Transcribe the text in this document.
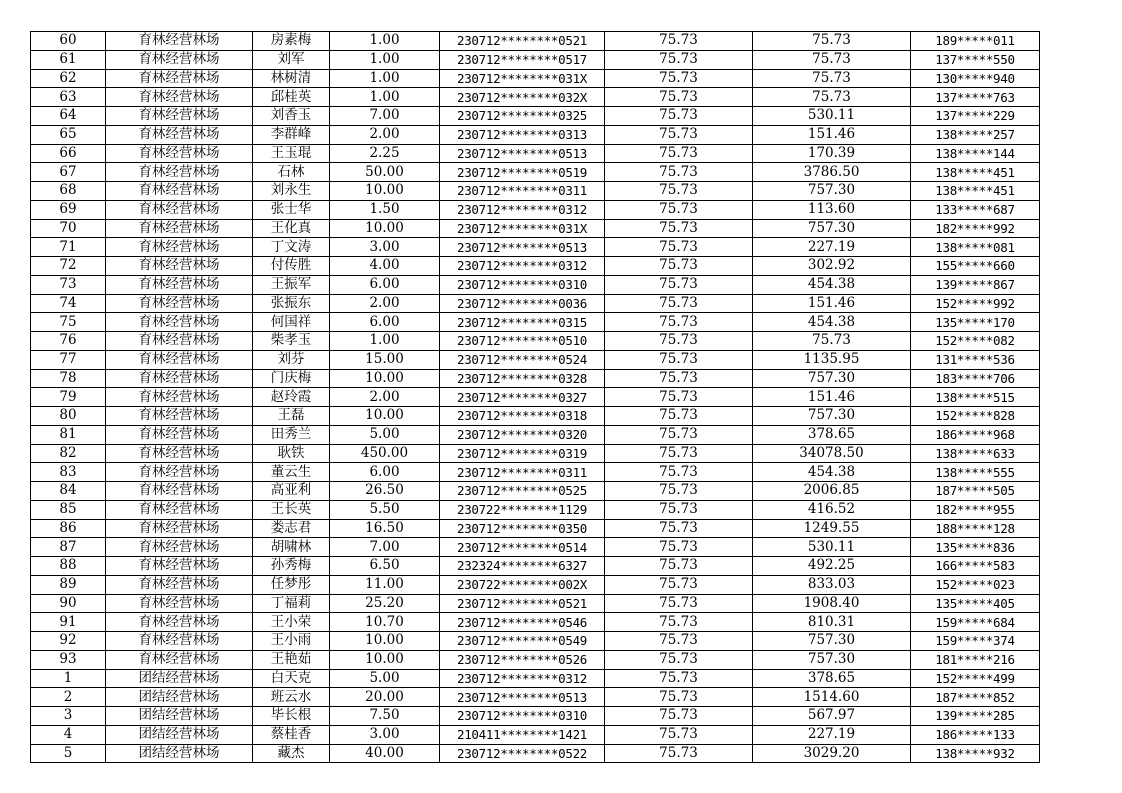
60	育林经营林场	房素梅	1.00	230712********0521	75.73	75.73	189*****011
61	育林经营林场	刘军	1.00	230712********0517	75.73	75.73	137*****550
62	育林经营林场	林树清	1.00	230712********031X	75.73	75.73	130*****940
63	育林经营林场	邱桂英	1.00	230712********032X	75.73	75.73	137*****763
64	育林经营林场	刘香玉	7.00	230712********0325	75.73	530.11	137*****229
65	育林经营林场	李群峰	2.00	230712********0313	75.73	151.46	138*****257
66	育林经营林场	王玉琨	2.25	230712********0513	75.73	170.39	138*****144
67	育林经营林场	石林	50.00	230712********0519	75.73	3786.50	138*****451
68	育林经营林场	刘永生	10.00	230712********0311	75.73	757.30	138*****451
69	育林经营林场	张士华	1.50	230712********0312	75.73	113.60	133*****687
70	育林经营林场	王化真	10.00	230712********031X	75.73	757.30	182*****992
71	育林经营林场	丁文涛	3.00	230712********0513	75.73	227.19	138*****081
72	育林经营林场	付传胜	4.00	230712********0312	75.73	302.92	155*****660
73	育林经营林场	王振军	6.00	230712********0310	75.73	454.38	139*****867
74	育林经营林场	张振东	2.00	230712********0036	75.73	151.46	152*****992
75	育林经营林场	何国祥	6.00	230712********0315	75.73	454.38	135*****170
76	育林经营林场	柴孝玉	1.00	230712********0510	75.73	75.73	152*****082
77	育林经营林场	刘芬	15.00	230712********0524	75.73	1135.95	131*****536
78	育林经营林场	门庆梅	10.00	230712********0328	75.73	757.30	183*****706
79	育林经营林场	赵玲霞	2.00	230712********0327	75.73	151.46	138*****515
80	育林经营林场	王磊	10.00	230712********0318	75.73	757.30	152*****828
81	育林经营林场	田秀兰	5.00	230712********0320	75.73	378.65	186*****968
82	育林经营林场	耿铁	450.00	230712********0319	75.73	34078.50	138*****633
83	育林经营林场	董云生	6.00	230712********0311	75.73	454.38	138*****555
84	育林经营林场	高亚利	26.50	230712********0525	75.73	2006.85	187*****505
85	育林经营林场	王长英	5.50	230722********1129	75.73	416.52	182*****955
86	育林经营林场	娄志君	16.50	230712********0350	75.73	1249.55	188*****128
87	育林经营林场	胡啸林	7.00	230712********0514	75.73	530.11	135*****836
88	育林经营林场	孙秀梅	6.50	232324********6327	75.73	492.25	166*****583
89	育林经营林场	任梦彤	11.00	230722********002X	75.73	833.03	152*****023
90	育林经营林场	丁福莉	25.20	230712********0521	75.73	1908.40	135*****405
91	育林经营林场	王小荣	10.70	230712********0546	75.73	810.31	159*****684
92	育林经营林场	王小雨	10.00	230712********0549	75.73	757.30	159*****374
93	育林经营林场	王艳茹	10.00	230712********0526	75.73	757.30	181*****216
1	团结经营林场	白天克	5.00	230712********0312	75.73	378.65	152*****499
2	团结经营林场	班云水	20.00	230712********0513	75.73	1514.60	187*****852
3	团结经营林场	毕长根	7.50	230712********0310	75.73	567.97	139*****285
4	团结经营林场	蔡桂香	3.00	210411********1421	75.73	227.19	186*****133
5	团结经营林场	藏杰	40.00	230712********0522	75.73	3029.20	138*****932
